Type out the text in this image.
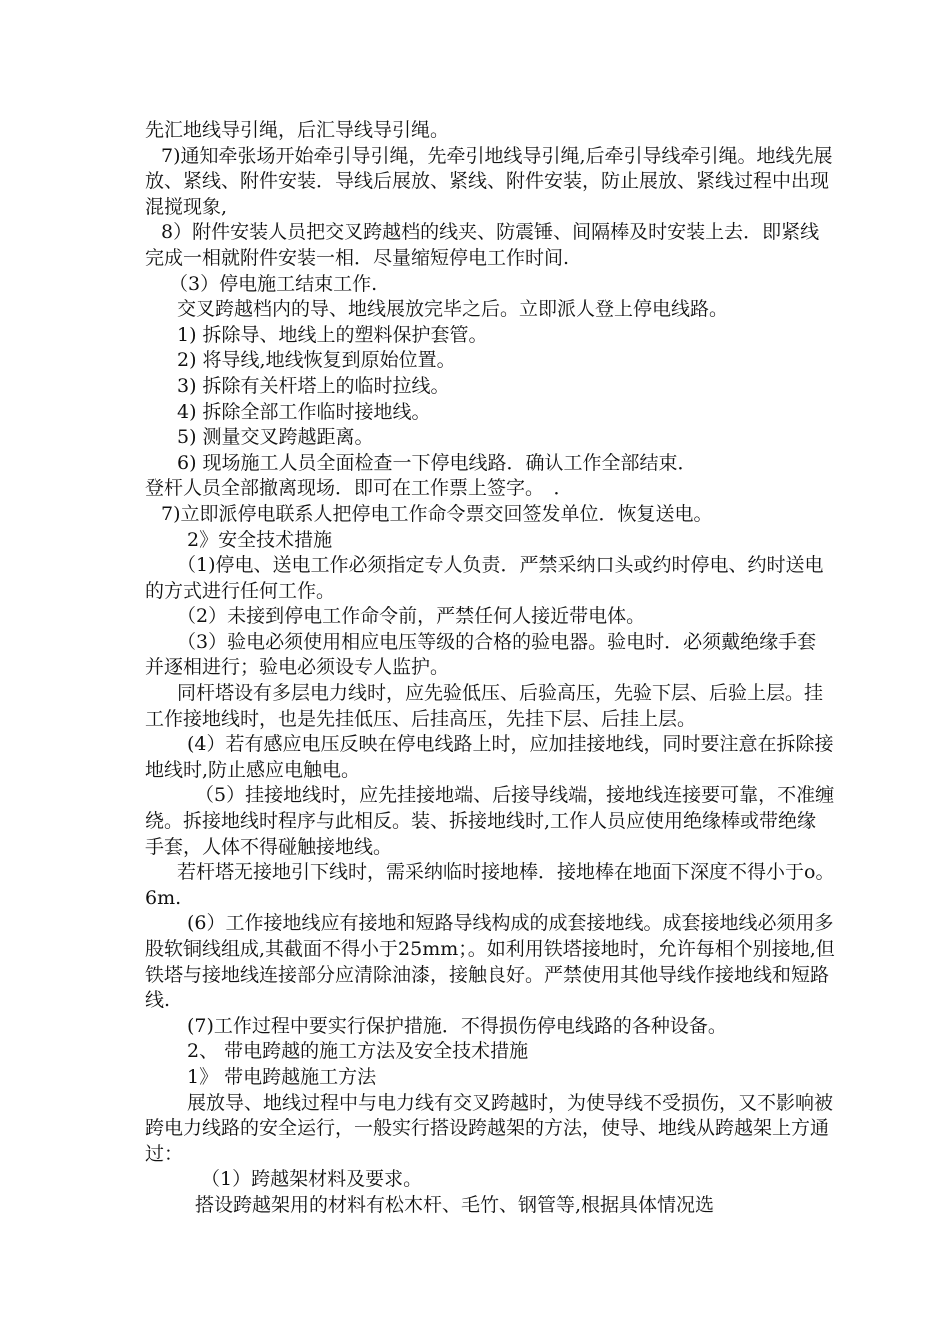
先汇地线导引绳，后汇导线导引绳。

7)通知牵张场开始牵引导引绳，先牵引地线导引绳,后牵引导线牵引绳。地线先展放、紧线、附件安装．导线后展放、紧线、附件安装，防止展放、紧线过程中出现混搅现象,

8）附件安装人员把交叉跨越档的线夹、防震锤、间隔棒及时安装上去．即紧线完成一相就附件安装一相．尽量缩短停电工作时间.

（3）停电施工结束工作.

交叉跨越档内的导、地线展放完毕之后。立即派人登上停电线路。

1) 拆除导、地线上的塑料保护套管。

2) 将导线,地线恢复到原始位置。

3) 拆除有关杆塔上的临时拉线。

4) 拆除全部工作临时接地线。

5) 测量交叉跨越距离。

6) 现场施工人员全面检查一下停电线路．确认工作全部结束．

登杆人员全部撤离现场．即可在工作票上签字。　．

7)立即派停电联系人把停电工作命令票交回签发单位．恢复送电。

2》安全技术措施

（1)停电、送电工作必须指定专人负责．严禁采纳口头或约时停电、约时送电的方式进行任何工作。

（2）未接到停电工作命令前，严禁任何人接近带电体。

（3）验电必须使用相应电压等级的合格的验电器。验电时．必须戴绝缘手套并逐相进行；验电必须设专人监护。

同杆塔设有多层电力线时，应先验低压、后验高压，先验下层、后验上层。挂工作接地线时，也是先挂低压、后挂高压，先挂下层、后挂上层。

(4）若有感应电压反映在停电线路上时，应加挂接地线，同时要注意在拆除接地线时,防止感应电触电。

（5）挂接地线时，应先挂接地端、后接导线端，接地线连接要可靠，不准缠绕。拆接地线时程序与此相反。装、拆接地线时,工作人员应使用绝缘棒或带绝缘手套，人体不得碰触接地线。

若杆塔无接地引下线时，需采纳临时接地棒．接地棒在地面下深度不得小于o。6m.

(6）工作接地线应有接地和短路导线构成的成套接地线。成套接地线必须用多股软铜线组成,其截面不得小于25mm；。如利用铁塔接地时，允许每相个别接地,但铁塔与接地线连接部分应清除油漆，接触良好。严禁使用其他导线作接地线和短路线.

(7)工作过程中要实行保护措施．不得损伤停电线路的各种设备。

2、 带电跨越的施工方法及安全技术措施

1》 带电跨越施工方法

展放导、地线过程中与电力线有交叉跨越时，为使导线不受损伤，又不影响被跨电力线路的安全运行，一般实行搭设跨越架的方法，使导、地线从跨越架上方通过：

（1）跨越架材料及要求。

搭设跨越架用的材料有松木杆、毛竹、钢管等,根据具体情况选
